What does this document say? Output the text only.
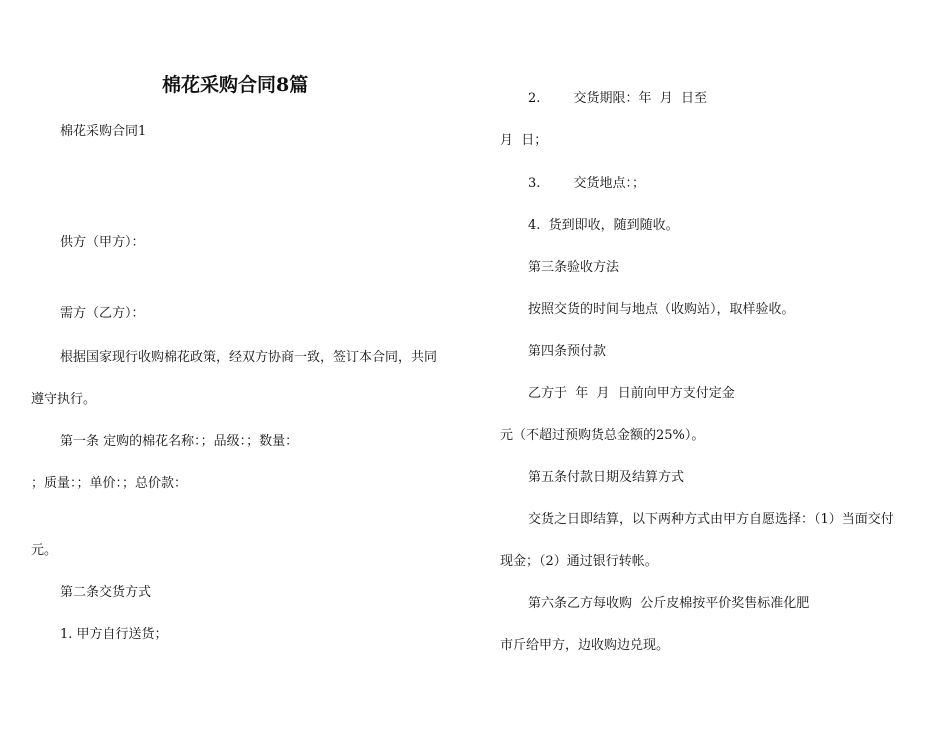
棉花采购合同8篇
棉花采购合同1
供方（甲方）：
需方（乙方）：
根据国家现行收购棉花政策，经双方协商一致，签订本合同，共同
遵守执行。
第一条 定购的棉花名称：；品级：；数量：
；质量：；单价：；总价款：
元。
第二条交货方式
1. 甲方自行送货；
2.        交货期限：年  月  日至
月  日；
3.        交货地点：；
4.  货到即收，随到随收。
第三条验收方法
按照交货的时间与地点（收购站），取样验收。
第四条预付款
乙方于  年  月  日前向甲方支付定金
元（不超过预购货总金额的25%）。
第五条付款日期及结算方式
交货之日即结算，以下两种方式由甲方自愿选择：（1）当面交付
现金；（2）通过银行转帐。
第六条乙方每收购  公斤皮棉按平价奖售标准化肥
市斤给甲方，边收购边兑现。
